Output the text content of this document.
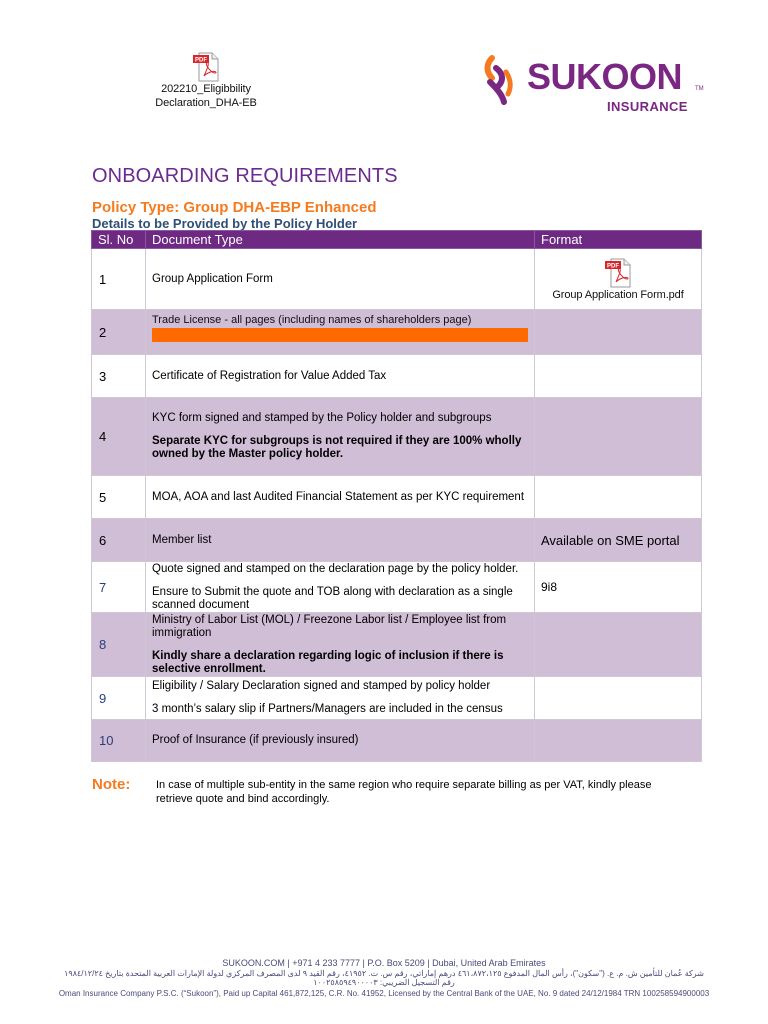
PDF
202210_Eligibbility
Declaration_DHA-EB
SUKOON TM
INSURANCE
ONBOARDING REQUIREMENTS
Policy Type: Group DHA-EBP Enhanced
Details to be Provided by the Policy Holder
Sl. No	Document Type	Format
1	Group Application Form	PDF
Group Application Form.pdf

2	Trade License - all pages (including names of shareholders page)	

3	Certificate of Registration for Value Added Tax	
4	KYC form signed and stamped by the Policy holder and subgroups
Separate KYC for subgroups is not required if they are 100% wholly owned by the Master policy holder.	

5	MOA, AOA and last Audited Financial Statement as per KYC requirement	
6	Member list	Available on SME portal
7	Quote signed and stamped on the declaration page by the policy holder.
Ensure to Submit the quote and TOB along with declaration as a single scanned document	9i8
8	Ministry of Labor List (MOL) / Freezone Labor list / Employee list from immigration
Kindly share a declaration regarding logic of inclusion if there is selective enrollment.	

9	Eligibility / Salary Declaration signed and stamped by policy holder
3 month’s salary slip if Partners/Managers are included in the census	

10	Proof of Insurance (if previously insured)	
Note: In case of multiple sub-entity in the same region who require separate billing as per VAT, kindly please retrieve quote and bind accordingly.
SUKOON.COM | +971 4 233 7777 | P.O. Box 5209 | Dubai, United Arab Emirates
شركة عُمان للتأمين ش. م. ع. ("سكون")، رأس المال المدفوع ٤٦١،٨٧٢،١٢٥ درهم إماراتي، رقم س. ت. ٤١٩٥٢، رقم القيد ٩ لدى المصرف المركزي لدولة الإمارات العربية المتحدة بتاريخ ١٩٨٤/١٢/٢٤
رقم التسجيل الضريبي: ١٠٠٢٥٨٥٩٤٩٠٠٠٠٣
Oman Insurance Company P.S.C. (“Sukoon”), Paid up Capital 461,872,125, C.R. No. 41952, Licensed by the Central Bank of the UAE, No. 9 dated 24/12/1984 TRN 100258594900003
